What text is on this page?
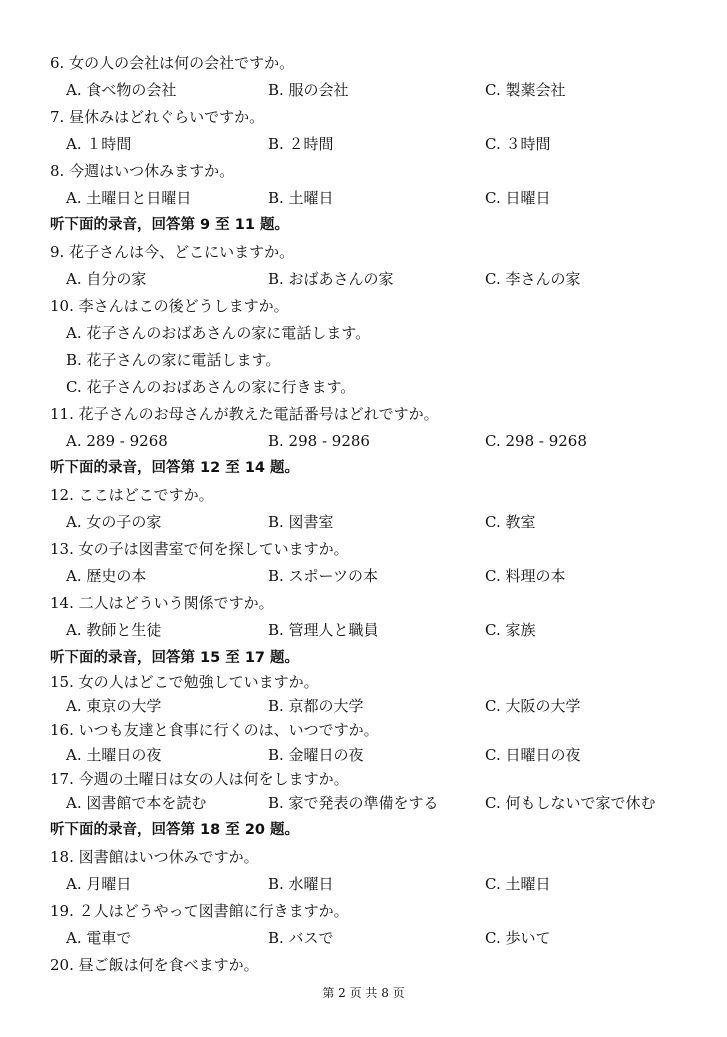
6. 女の人の会社は何の会社ですか。
A. 食べ物の会社	B. 服の会社	C. 製薬会社
7. 昼休みはどれぐらいですか。
A. １時間	B. ２時間	C. ３時間
8. 今週はいつ休みますか。
A. 土曜日と日曜日	B. 土曜日	C. 日曜日
听下面的录音，回答第 9 至 11 题。
9. 花子さんは今、どこにいますか。
A. 自分の家	B. おばあさんの家	C. 李さんの家
10. 李さんはこの後どうしますか。
A. 花子さんのおばあさんの家に電話します。
B. 花子さんの家に電話します。
C. 花子さんのおばあさんの家に行きます。
11. 花子さんのお母さんが教えた電話番号はどれですか。
A. 289 - 9268	B. 298 - 9286	C. 298 - 9268
听下面的录音，回答第 12 至 14 题。
12. ここはどこですか。
A. 女の子の家	B. 図書室	C. 教室
13. 女の子は図書室で何を探していますか。
A. 歴史の本	B. スポーツの本	C. 料理の本
14. 二人はどういう関係ですか。
A. 教師と生徒	B. 管理人と職員	C. 家族
听下面的录音，回答第 15 至 17 题。
15. 女の人はどこで勉強していますか。
A. 東京の大学	B. 京都の大学	C. 大阪の大学
16. いつも友達と食事に行くのは、いつですか。
A. 土曜日の夜	B. 金曜日の夜	C. 日曜日の夜
17. 今週の土曜日は女の人は何をしますか。
A. 図書館で本を読む	B. 家で発表の準備をする	C. 何もしないで家で休む
听下面的录音，回答第 18 至 20 题。
18. 図書館はいつ休みですか。
A. 月曜日	B. 水曜日	C. 土曜日
19. ２人はどうやって図書館に行きますか。
A. 電車で	B. バスで	C. 歩いて
20. 昼ご飯は何を食べますか。
第 2 页 共 8 页
